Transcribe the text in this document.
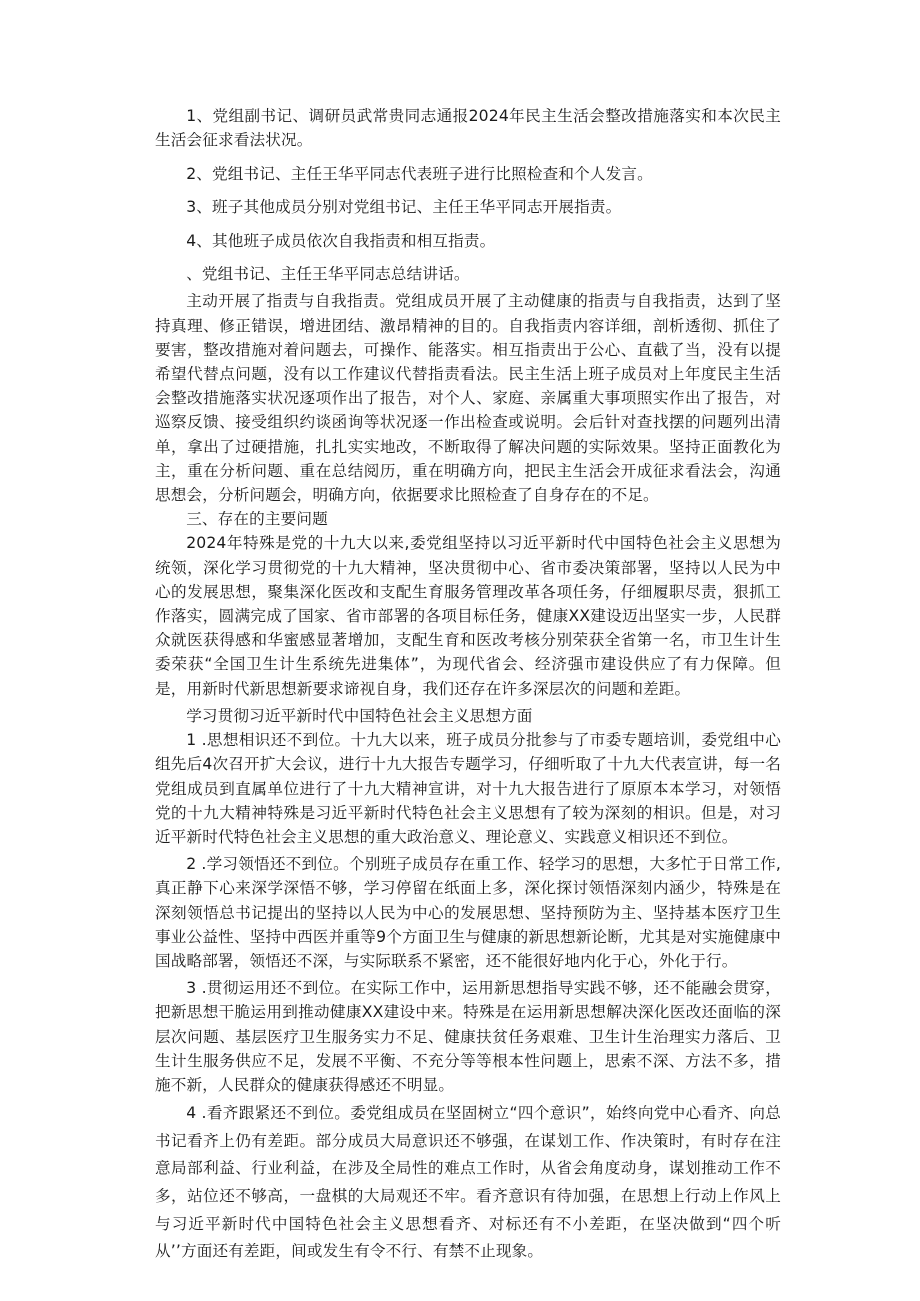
1、党组副书记、调研员武常贵同志通报2024年民主生活会整改措施落实和本次民主生活会征求看法状况。

2、党组书记、主任王华平同志代表班子进行比照检查和个人发言。

3、班子其他成员分别对党组书记、主任王华平同志开展指责。

4、其他班子成员依次自我指责和相互指责。

、党组书记、主任王华平同志总结讲话。

主动开展了指责与自我指责。党组成员开展了主动健康的指责与自我指责，达到了坚持真理、修正错误，增进团结、激昂精神的目的。自我指责内容详细，剖析透彻、抓住了要害，整改措施对着问题去，可操作、能落实。相互指责出于公心、直截了当，没有以提希望代替点问题，没有以工作建议代替指责看法。民主生活上班子成员对上年度民主生活会整改措施落实状况逐项作出了报告，对个人、家庭、亲属重大事项照实作出了报告，对巡察反馈、接受组织约谈函询等状况逐一作出检查或说明。会后针对查找摆的问题列出清单，拿出了过硬措施，扎扎实实地改，不断取得了解决问题的实际效果。坚持正面教化为主，重在分析问题、重在总结阅历，重在明确方向，把民主生活会开成征求看法会，沟通思想会，分析问题会，明确方向，依据要求比照检查了自身存在的不足。

三、存在的主要问题

2024年特殊是党的十九大以来,委党组坚持以习近平新时代中国特色社会主义思想为统领，深化学习贯彻党的十九大精神，坚决贯彻中心、省市委决策部署，坚持以人民为中心的发展思想，聚集深化医改和支配生育服务管理改革各项任务，仔细履职尽责，狠抓工作落实，圆满完成了国家、省市部署的各项目标任务，健康XX建设迈出坚实一步，人民群众就医获得感和华蜜感显著增加，支配生育和医改考核分别荣获全省第一名，市卫生计生委荣获“全国卫生计生系统先进集体”，为现代省会、经济强市建设供应了有力保障。但是，用新时代新思想新要求谛视自身，我们还存在许多深层次的问题和差距。

学习贯彻习近平新时代中国特色社会主义思想方面

1 .思想相识还不到位。十九大以来，班子成员分批参与了市委专题培训，委党组中心组先后4次召开扩大会议，进行十九大报告专题学习，仔细听取了十九大代表宣讲，每一名党组成员到直属单位进行了十九大精神宣讲，对十九大报告进行了原原本本学习，对领悟党的十九大精神特殊是习近平新时代特色社会主义思想有了较为深刻的相识。但是，对习近平新时代特色社会主义思想的重大政治意义、理论意义、实践意义相识还不到位。

2 .学习领悟还不到位。个别班子成员存在重工作、轻学习的思想，大多忙于日常工作,真正静下心来深学深悟不够，学习停留在纸面上多，深化探讨领悟深刻内涵少，特殊是在深刻领悟总书记提出的坚持以人民为中心的发展思想、坚持预防为主、坚持基本医疗卫生事业公益性、坚持中西医并重等9个方面卫生与健康的新思想新论断，尤其是对实施健康中国战略部署，领悟还不深，与实际联系不紧密，还不能很好地内化于心，外化于行。

3 .贯彻运用还不到位。在实际工作中，运用新思想指导实践不够，还不能融会贯穿，把新思想干脆运用到推动健康XX建设中来。特殊是在运用新思想解决深化医改还面临的深层次问题、基层医疗卫生服务实力不足、健康扶贫任务艰难、卫生计生治理实力落后、卫生计生服务供应不足，发展不平衡、不充分等等根本性问题上，思索不深、方法不多，措施不新，人民群众的健康获得感还不明显。

4 .看齐跟紧还不到位。委党组成员在坚固树立“四个意识”，始终向党中心看齐、向总书记看齐上仍有差距。部分成员大局意识还不够强，在谋划工作、作决策时，有时存在注意局部利益、行业利益，在涉及全局性的难点工作时，从省会角度动身，谋划推动工作不多，站位还不够高，一盘棋的大局观还不牢。看齐意识有待加强，在思想上行动上作风上与习近平新时代中国特色社会主义思想看齐、对标还有不小差距，在坚决做到“四个听从’’方面还有差距，间或发生有令不行、有禁不止现象。
